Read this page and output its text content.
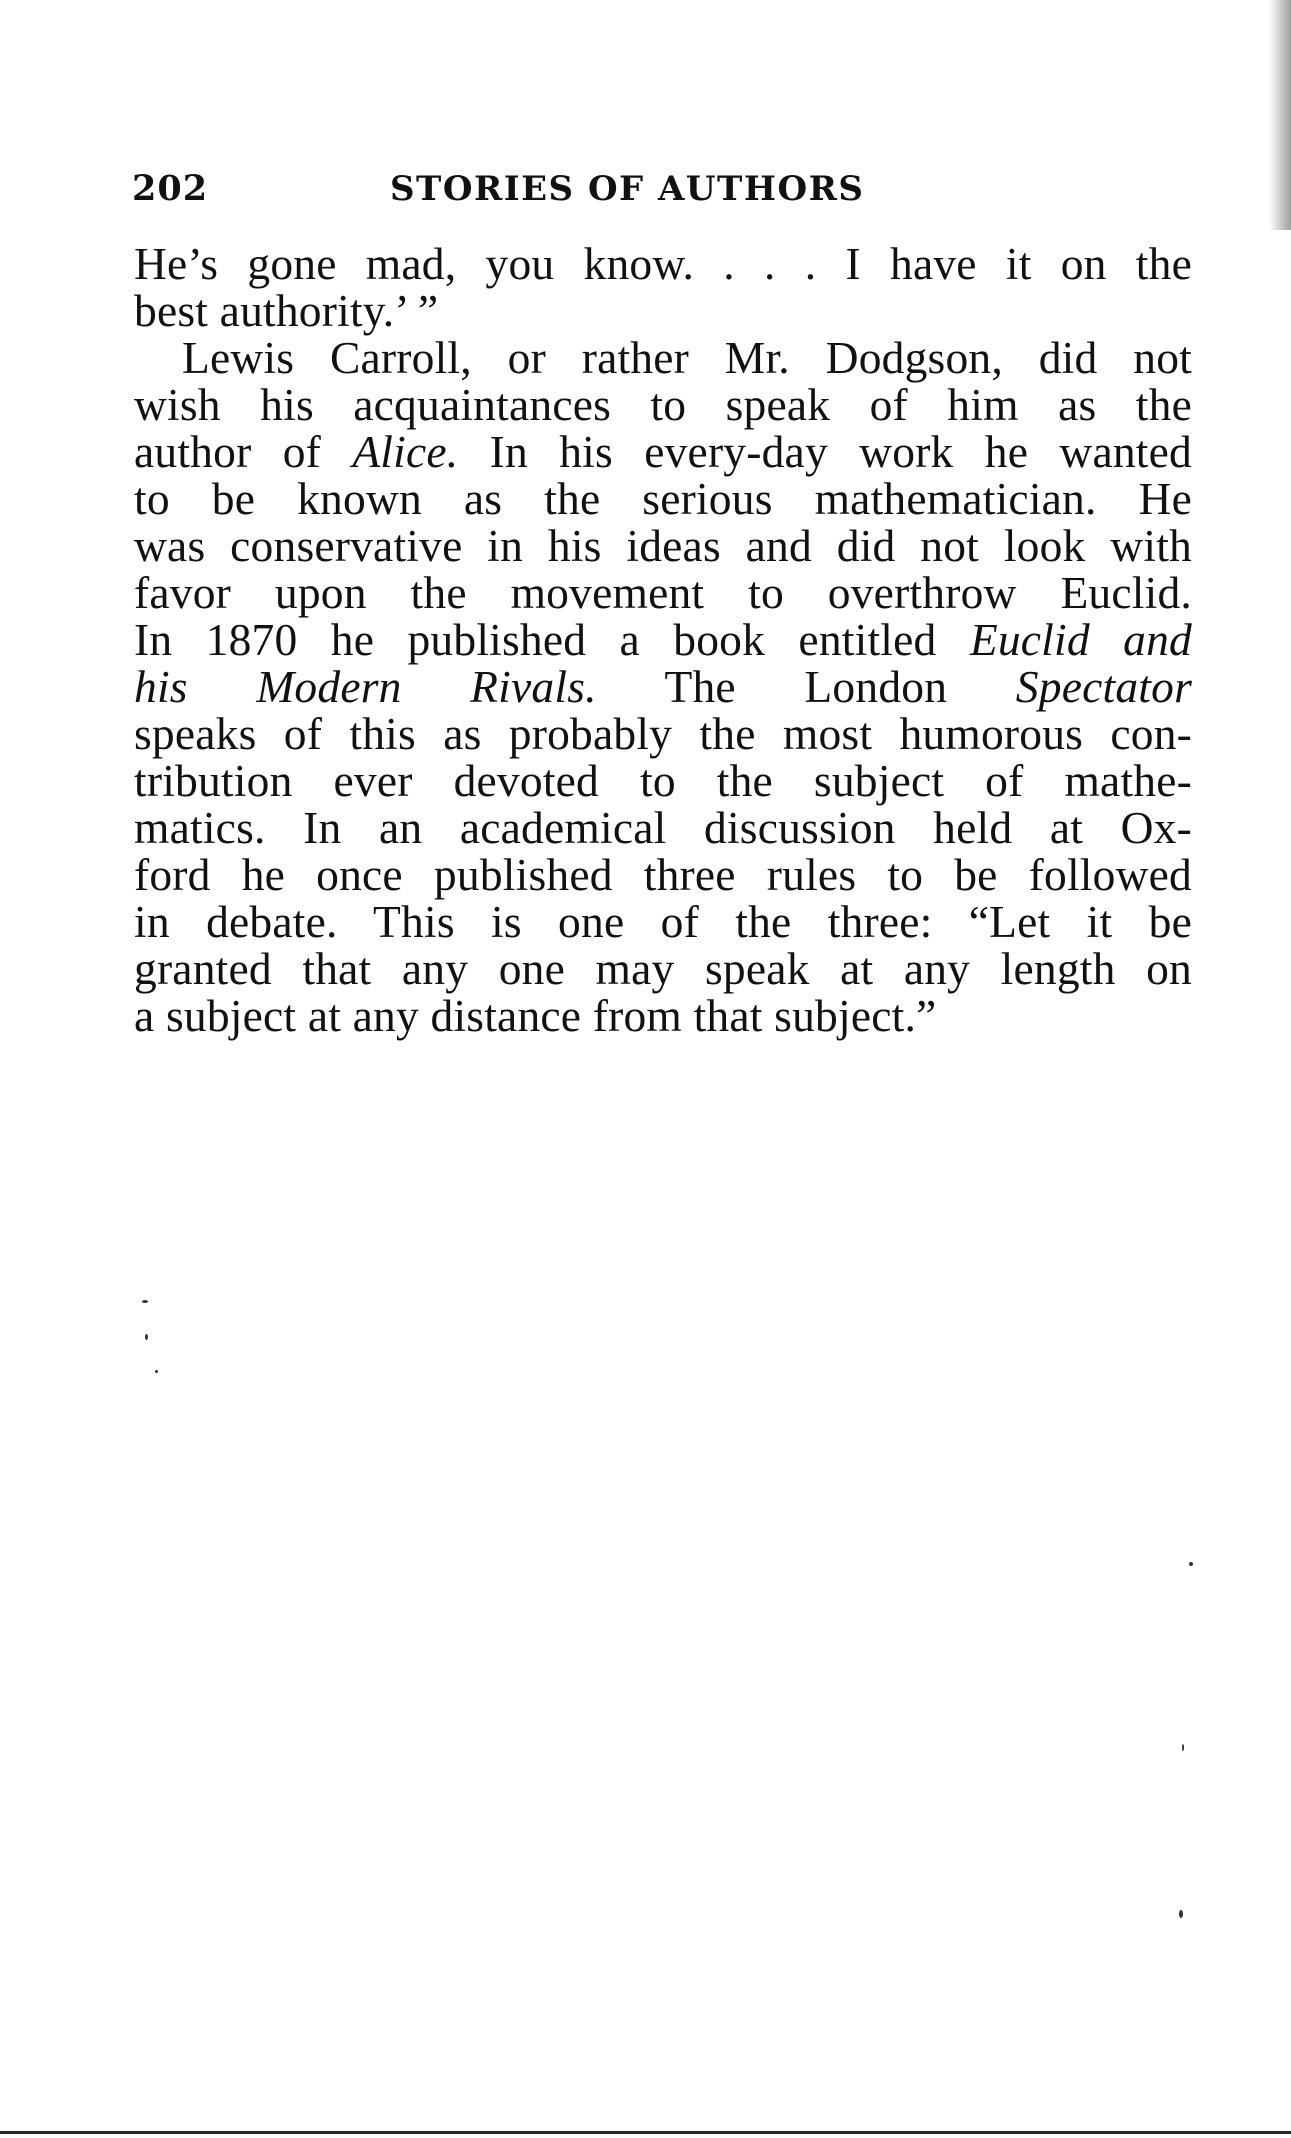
202	STORIES OF AUTHORS
He’s gone mad, you know. . . . I have it on the
best authority.’ ”
Lewis Carroll, or rather Mr. Dodgson, did not
wish his acquaintances to speak of him as the
author of Alice. In his every-day work he wanted
to be known as the serious mathematician. He
was conservative in his ideas and did not look with
favor upon the movement to overthrow Euclid.
In 1870 he published a book entitled Euclid and
his Modern Rivals. The London Spectator
speaks of this as probably the most humorous con-
tribution ever devoted to the subject of mathe-
matics. In an academical discussion held at Ox-
ford he once published three rules to be followed
in debate. This is one of the three: “Let it be
granted that any one may speak at any length on
a subject at any distance from that subject.”
